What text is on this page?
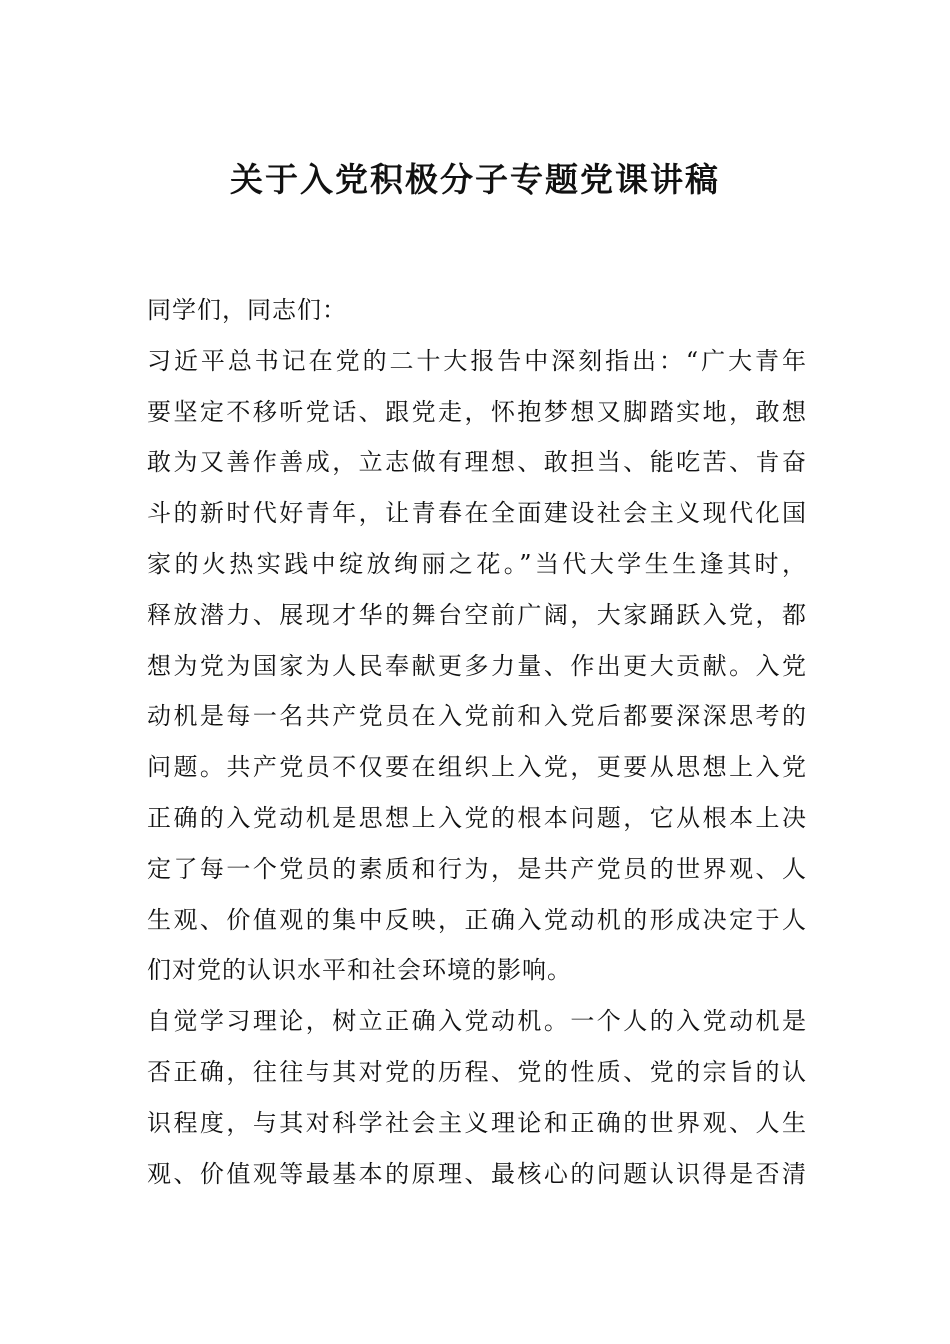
关于入党积极分子专题党课讲稿
同学们，同志们：
习近平总书记在党的二十大报告中深刻指出：“广大青年
要坚定不移听党话、跟党走，怀抱梦想又脚踏实地，敢想
敢为又善作善成，立志做有理想、敢担当、能吃苦、肯奋
斗的新时代好青年，让青春在全面建设社会主义现代化国
家的火热实践中绽放绚丽之花。”当代大学生生逢其时，
释放潜力、展现才华的舞台空前广阔，大家踊跃入党，都
想为党为国家为人民奉献更多力量、作出更大贡献。入党
动机是每一名共产党员在入党前和入党后都要深深思考的
问题。共产党员不仅要在组织上入党，更要从思想上入党
正确的入党动机是思想上入党的根本问题，它从根本上决
定了每一个党员的素质和行为，是共产党员的世界观、人
生观、价值观的集中反映，正确入党动机的形成决定于人
们对党的认识水平和社会环境的影响。
自觉学习理论，树立正确入党动机。一个人的入党动机是
否正确，往往与其对党的历程、党的性质、党的宗旨的认
识程度，与其对科学社会主义理论和正确的世界观、人生
观、价值观等最基本的原理、最核心的问题认识得是否清
